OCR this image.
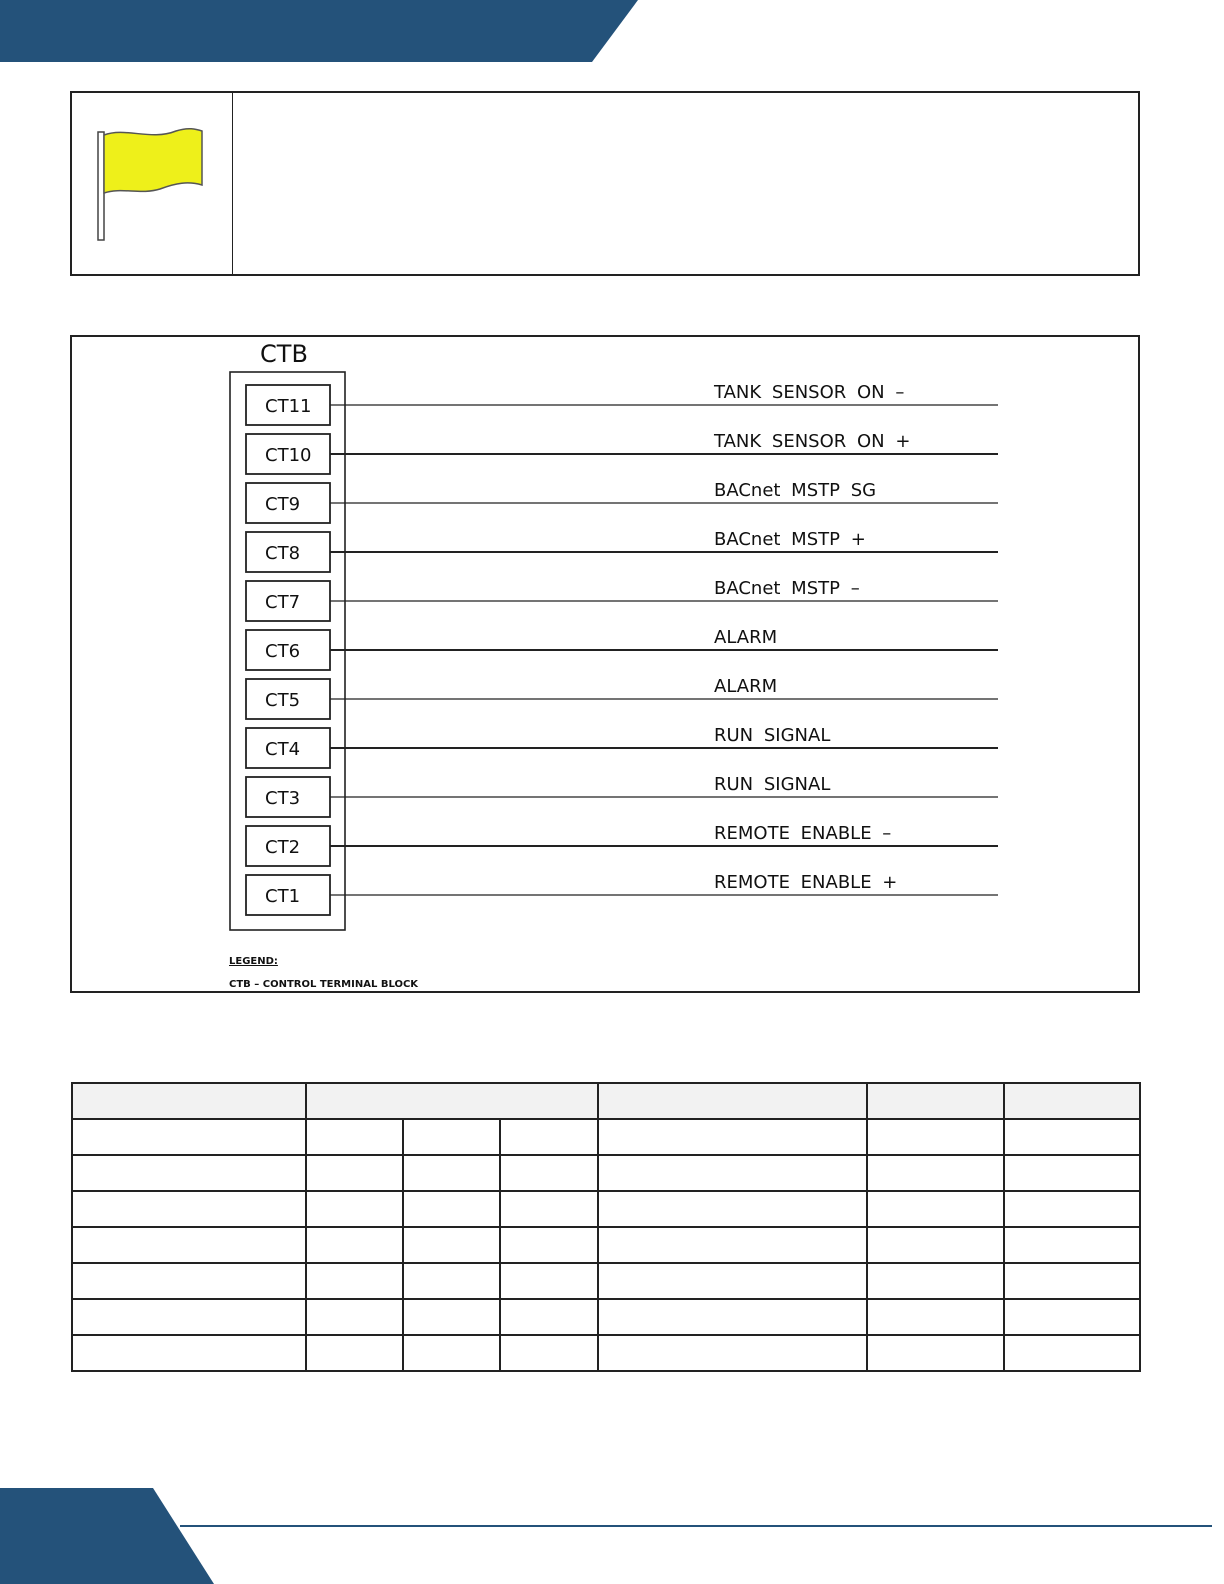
CTB
CT11
TANK SENSOR ON –
CT10
TANK SENSOR ON +
CT9
BACnet MSTP SG
CT8
BACnet MSTP +
CT7
BACnet MSTP –
CT6
ALARM
CT5
ALARM
CT4
RUN SIGNAL
CT3
RUN SIGNAL
CT2
REMOTE ENABLE –
CT1
REMOTE ENABLE +
LEGEND:
CTB – CONTROL TERMINAL BLOCK
